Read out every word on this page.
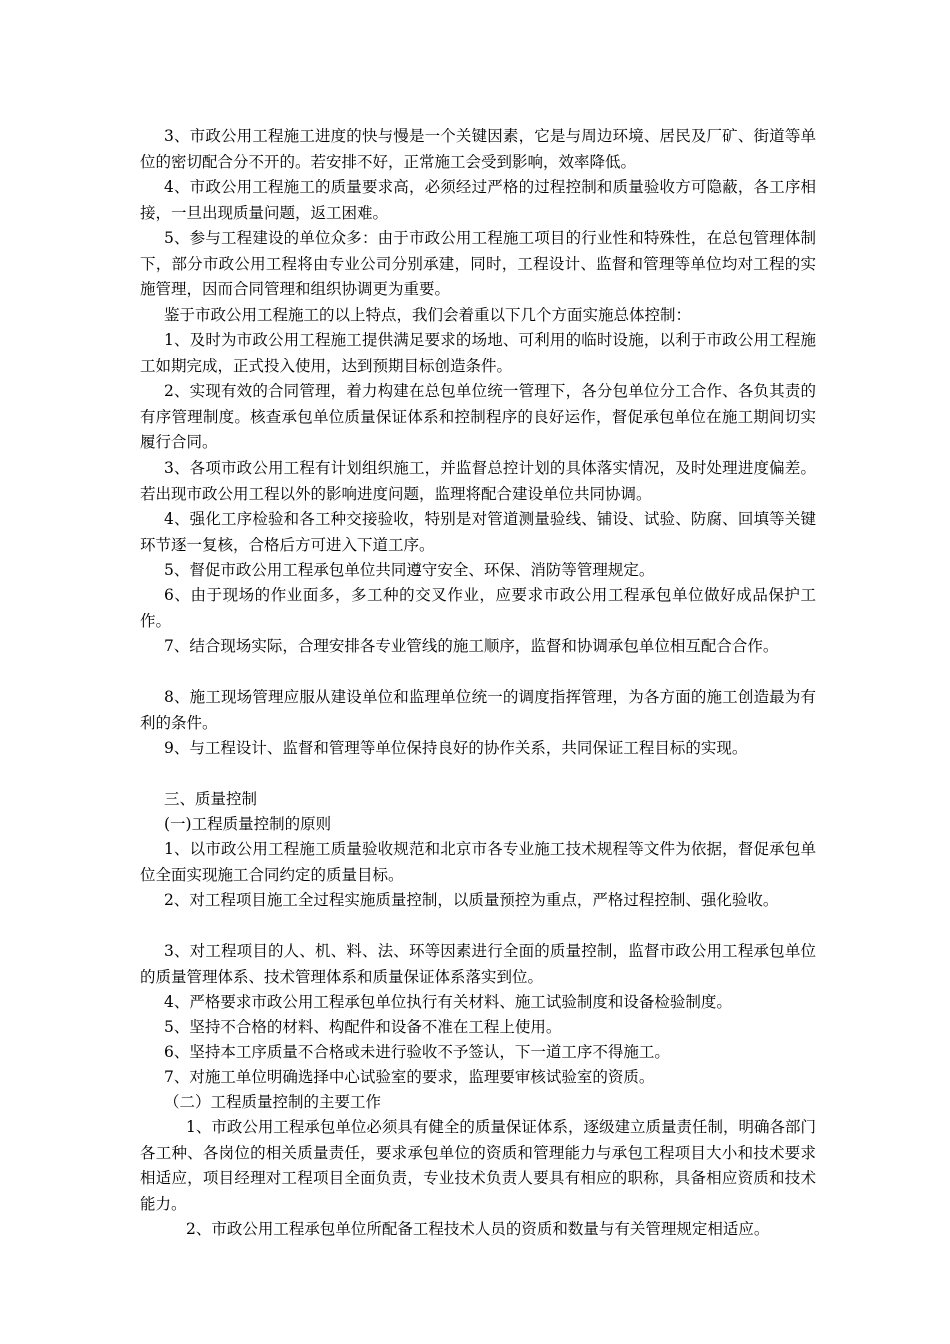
3、市政公用工程施工进度的快与慢是一个关键因素，它是与周边环境、居民及厂矿、街道等单位的密切配合分不开的。若安排不好，正常施工会受到影响，效率降低。

4、市政公用工程施工的质量要求高，必须经过严格的过程控制和质量验收方可隐蔽，各工序相接，一旦出现质量问题，返工困难。

5、参与工程建设的单位众多：由于市政公用工程施工项目的行业性和特殊性，在总包管理体制下，部分市政公用工程将由专业公司分别承建，同时，工程设计、监督和管理等单位均对工程的实施管理，因而合同管理和组织协调更为重要。

鉴于市政公用工程施工的以上特点，我们会着重以下几个方面实施总体控制：

1、及时为市政公用工程施工提供满足要求的场地、可利用的临时设施，以利于市政公用工程施工如期完成，正式投入使用，达到预期目标创造条件。

2、实现有效的合同管理，着力构建在总包单位统一管理下，各分包单位分工合作、各负其责的有序管理制度。核查承包单位质量保证体系和控制程序的良好运作，督促承包单位在施工期间切实履行合同。

3、各项市政公用工程有计划组织施工，并监督总控计划的具体落实情况，及时处理进度偏差。若出现市政公用工程以外的影响进度问题，监理将配合建设单位共同协调。

4、强化工序检验和各工种交接验收，特别是对管道测量验线、铺设、试验、防腐、回填等关键环节逐一复核，合格后方可进入下道工序。

5、督促市政公用工程承包单位共同遵守安全、环保、消防等管理规定。

6、由于现场的作业面多，多工种的交叉作业，应要求市政公用工程承包单位做好成品保护工作。

7、结合现场实际，合理安排各专业管线的施工顺序，监督和协调承包单位相互配合合作。

8、施工现场管理应服从建设单位和监理单位统一的调度指挥管理，为各方面的施工创造最为有利的条件。

9、与工程设计、监督和管理等单位保持良好的协作关系，共同保证工程目标的实现。

三、质量控制

(一)工程质量控制的原则

1、以市政公用工程施工质量验收规范和北京市各专业施工技术规程等文件为依据，督促承包单位全面实现施工合同约定的质量目标。

2、对工程项目施工全过程实施质量控制，以质量预控为重点，严格过程控制、强化验收。

3、对工程项目的人、机、料、法、环等因素进行全面的质量控制，监督市政公用工程承包单位的质量管理体系、技术管理体系和质量保证体系落实到位。

4、严格要求市政公用工程承包单位执行有关材料、施工试验制度和设备检验制度。

5、坚持不合格的材料、构配件和设备不准在工程上使用。

6、坚持本工序质量不合格或未进行验收不予签认，下一道工序不得施工。

7、对施工单位明确选择中心试验室的要求，监理要审核试验室的资质。

（二）工程质量控制的主要工作

1、市政公用工程承包单位必须具有健全的质量保证体系，逐级建立质量责任制，明确各部门各工种、各岗位的相关质量责任，要求承包单位的资质和管理能力与承包工程项目大小和技术要求相适应，项目经理对工程项目全面负责，专业技术负责人要具有相应的职称，具备相应资质和技术能力。

2、市政公用工程承包单位所配备工程技术人员的资质和数量与有关管理规定相适应。
